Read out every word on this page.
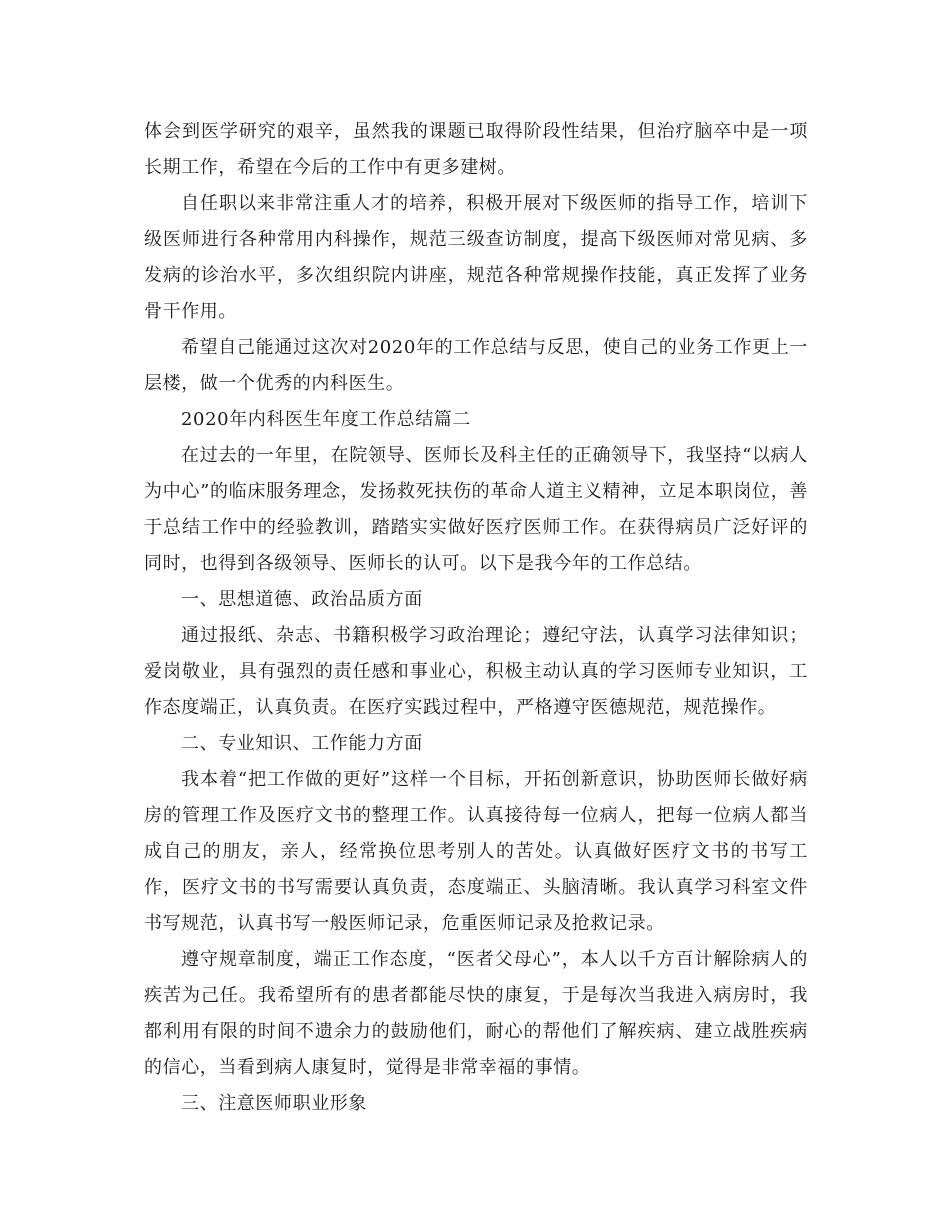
体会到医学研究的艰辛，虽然我的课题已取得阶段性结果，但治疗脑卒中是一项长期工作，希望在今后的工作中有更多建树。

自任职以来非常注重人才的培养，积极开展对下级医师的指导工作，培训下级医师进行各种常用内科操作，规范三级查访制度，提高下级医师对常见病、多发病的诊治水平，多次组织院内讲座，规范各种常规操作技能，真正发挥了业务骨干作用。

希望自己能通过这次对2020年的工作总结与反思，使自己的业务工作更上一层楼，做一个优秀的内科医生。

2020年内科医生年度工作总结篇二

在过去的一年里，在院领导、医师长及科主任的正确领导下，我坚持“以病人为中心”的临床服务理念，发扬救死扶伤的革命人道主义精神，立足本职岗位，善于总结工作中的经验教训，踏踏实实做好医疗医师工作。在获得病员广泛好评的同时，也得到各级领导、医师长的认可。以下是我今年的工作总结。

一、思想道德、政治品质方面

通过报纸、杂志、书籍积极学习政治理论；遵纪守法，认真学习法律知识；爱岗敬业，具有强烈的责任感和事业心，积极主动认真的学习医师专业知识，工作态度端正，认真负责。在医疗实践过程中，严格遵守医德规范，规范操作。

二、专业知识、工作能力方面

我本着“把工作做的更好”这样一个目标，开拓创新意识，协助医师长做好病房的管理工作及医疗文书的整理工作。认真接待每一位病人，把每一位病人都当成自己的朋友，亲人，经常换位思考别人的苦处。认真做好医疗文书的书写工作，医疗文书的书写需要认真负责，态度端正、头脑清晰。我认真学习科室文件书写规范，认真书写一般医师记录，危重医师记录及抢救记录。

遵守规章制度，端正工作态度，“医者父母心”，本人以千方百计解除病人的疾苦为己任。我希望所有的患者都能尽快的康复，于是每次当我进入病房时，我都利用有限的时间不遗余力的鼓励他们，耐心的帮他们了解疾病、建立战胜疾病的信心，当看到病人康复时，觉得是非常幸福的事情。

三、注意医师职业形象
